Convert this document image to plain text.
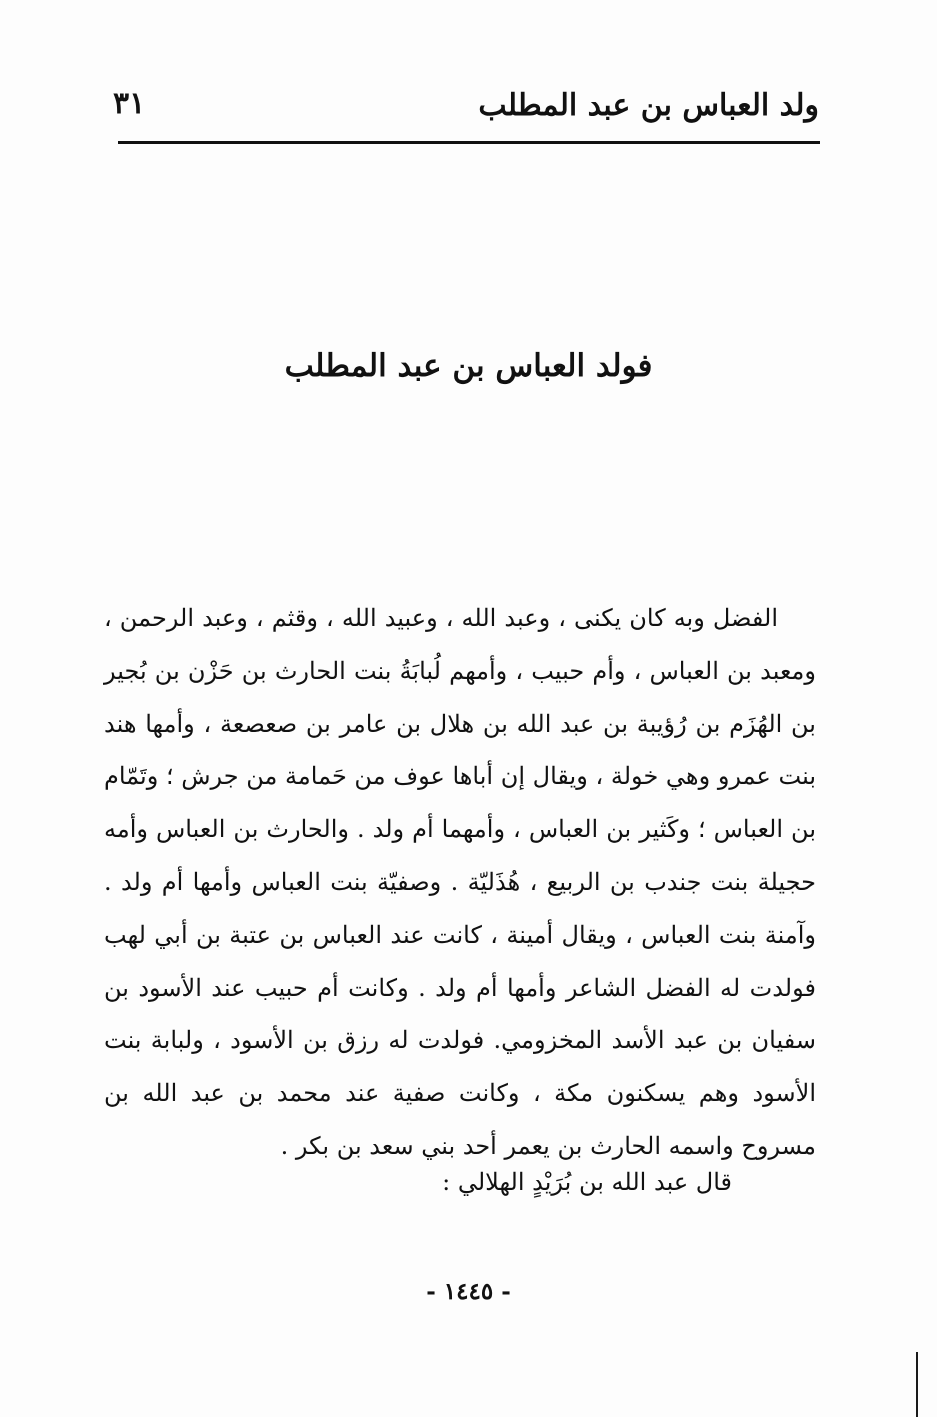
ولد العباس بن عبد المطلب
٣١
فولد العباس بن عبد المطلب

الفضل وبه كان يكنى ، وعبد الله ، وعبيد الله ، وقثم ، وعبد الرحمن ، ومعبد بن العباس ، وأم حبيب ، وأمهم لُبابَةُ بنت الحارث بن حَزْن بن بُجير بن الهُزَم بن رُؤيبة بن عبد الله بن هلال بن عامر بن صعصعة ، وأمها هند بنت عمرو وهي خولة ، ويقال إن أباها عوف من حَمامة من جرش ؛ وتَمّام بن العباس ؛ وكَثير بن العباس ، وأمهما أم ولد . والحارث بن العباس وأمه حجيلة بنت جندب بن الربيع ، هُذَليّة . وصفيّة بنت العباس وأمها أم ولد . وآمنة بنت العباس ، ويقال أمينة ، كانت عند العباس بن عتبة بن أبي لهب فولدت له الفضل الشاعر وأمها أم ولد . وكانت أم حبيب عند الأسود بن سفيان بن عبد الأسد المخزومي. فولدت له رزق بن الأسود ، ولبابة بنت الأسود وهم يسكنون مكة ، وكانت صفية عند محمد بن عبد الله بن مسروح واسمه الحارث بن يعمر أحد بني سعد بن بكر .

قال عبد الله بن بُرَيْدٍ الهلالي :
- ١٤٤٥ -
